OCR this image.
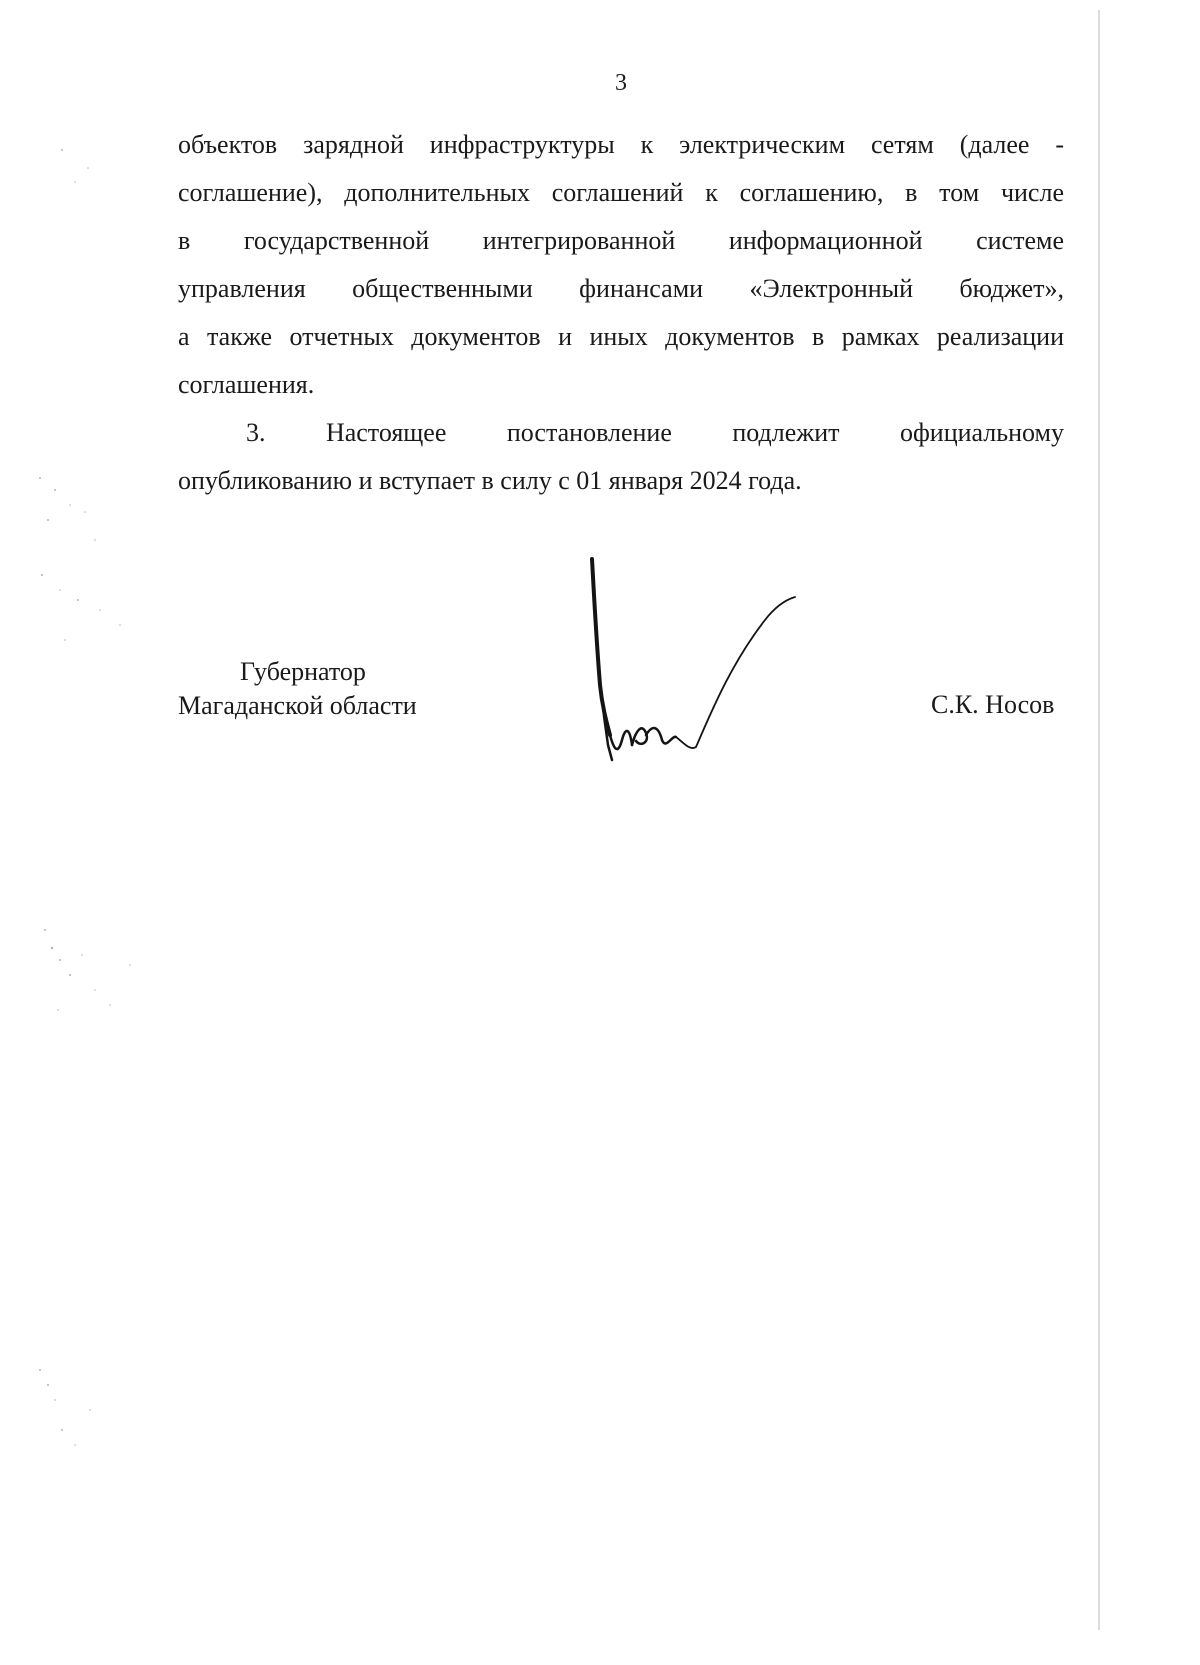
3
объектов зарядной инфраструктуры к электрическим сетям (далее -
соглашение), дополнительных соглашений к соглашению, в том числе
в государственной интегрированной информационной системе
управления общественными финансами «Электронный бюджет»,
а также отчетных документов и иных документов в рамках реализации
соглашения.
3. Настоящее постановление подлежит официальному
опубликованию и вступает в силу с 01 января 2024 года.
Губернатор
Магаданской области	С.К. Носов
